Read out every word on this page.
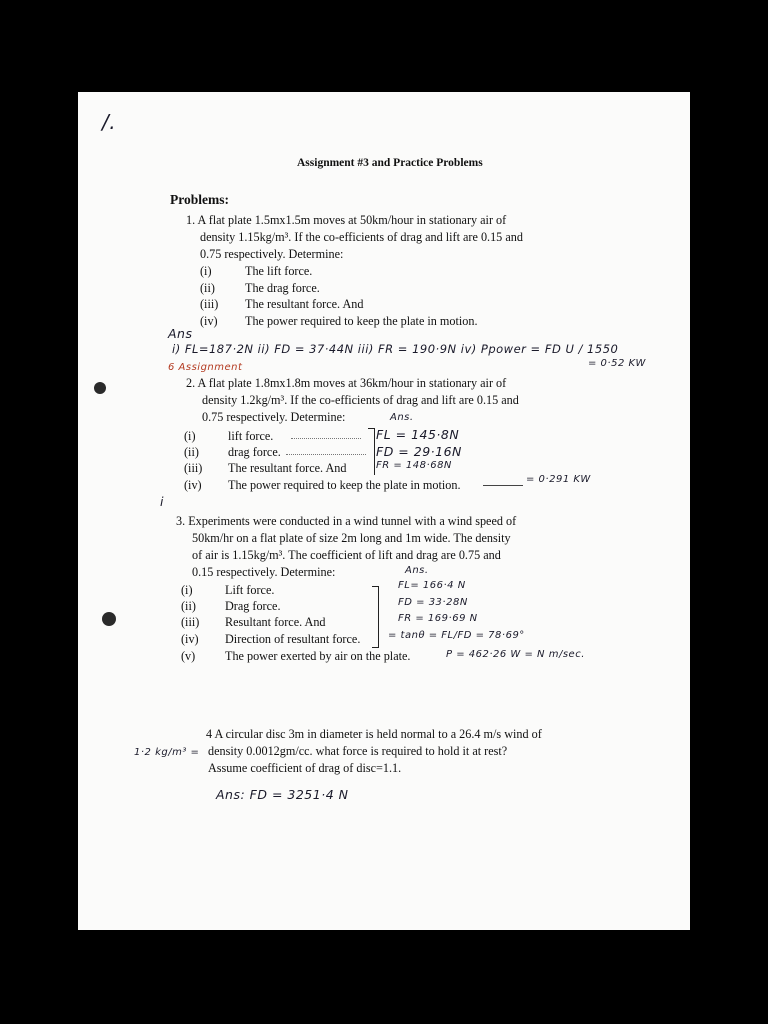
/.
Assignment #3 and Practice Problems
Problems:
1. A flat plate 1.5mx1.5m moves at 50km/hour in stationary air of
density 1.15kg/m³. If the co-efficients of drag and lift are 0.15 and
0.75 respectively. Determine:
(i)	The lift force.
(ii) The drag force.
(iii) The resultant force. And
(iv) The power required to keep the plate in motion.
Ans
i) FL=187·2N ii) FD = 37·44N iii) FR = 190·9N iv) Ppower = FD U / 1550
= 0·52 KW
6 Assignment
2. A flat plate 1.8mx1.8m moves at 36km/hour in stationary air of
density 1.2kg/m³. If the co-efficients of drag and lift are 0.15 and
0.75 respectively. Determine:	Ans.
(i)	lift force.
(ii) drag force.
(iii) The resultant force. And
(iv) The power required to keep the plate in motion.
FL = 145·8N
FD = 29·16N
FR = 148·68N
= 0·291 KW
i
3. Experiments were conducted in a wind tunnel with a wind speed of
50km/hr on a flat plate of size 2m long and 1m wide. The density
of air is 1.15kg/m³. The coefficient of lift and drag are 0.75 and
0.15 respectively. Determine:	Ans.
(i)	Lift force.
(ii) Drag force.
(iii) Resultant force. And
(iv) Direction of resultant force.
(v) The power exerted by air on the plate.
FL= 166·4 N
FD = 33·28N
FR = 169·69 N
= tanθ = FL/FD = 78·69°
P = 462·26 W = N m/sec.
4 A circular disc 3m in diameter is held normal to a 26.4 m/s wind of
density 0.0012gm/cc. what force is required to hold it at rest?
Assume coefficient of drag of disc=1.1.
1·2 kg/m³ =
Ans: FD = 3251·4 N
